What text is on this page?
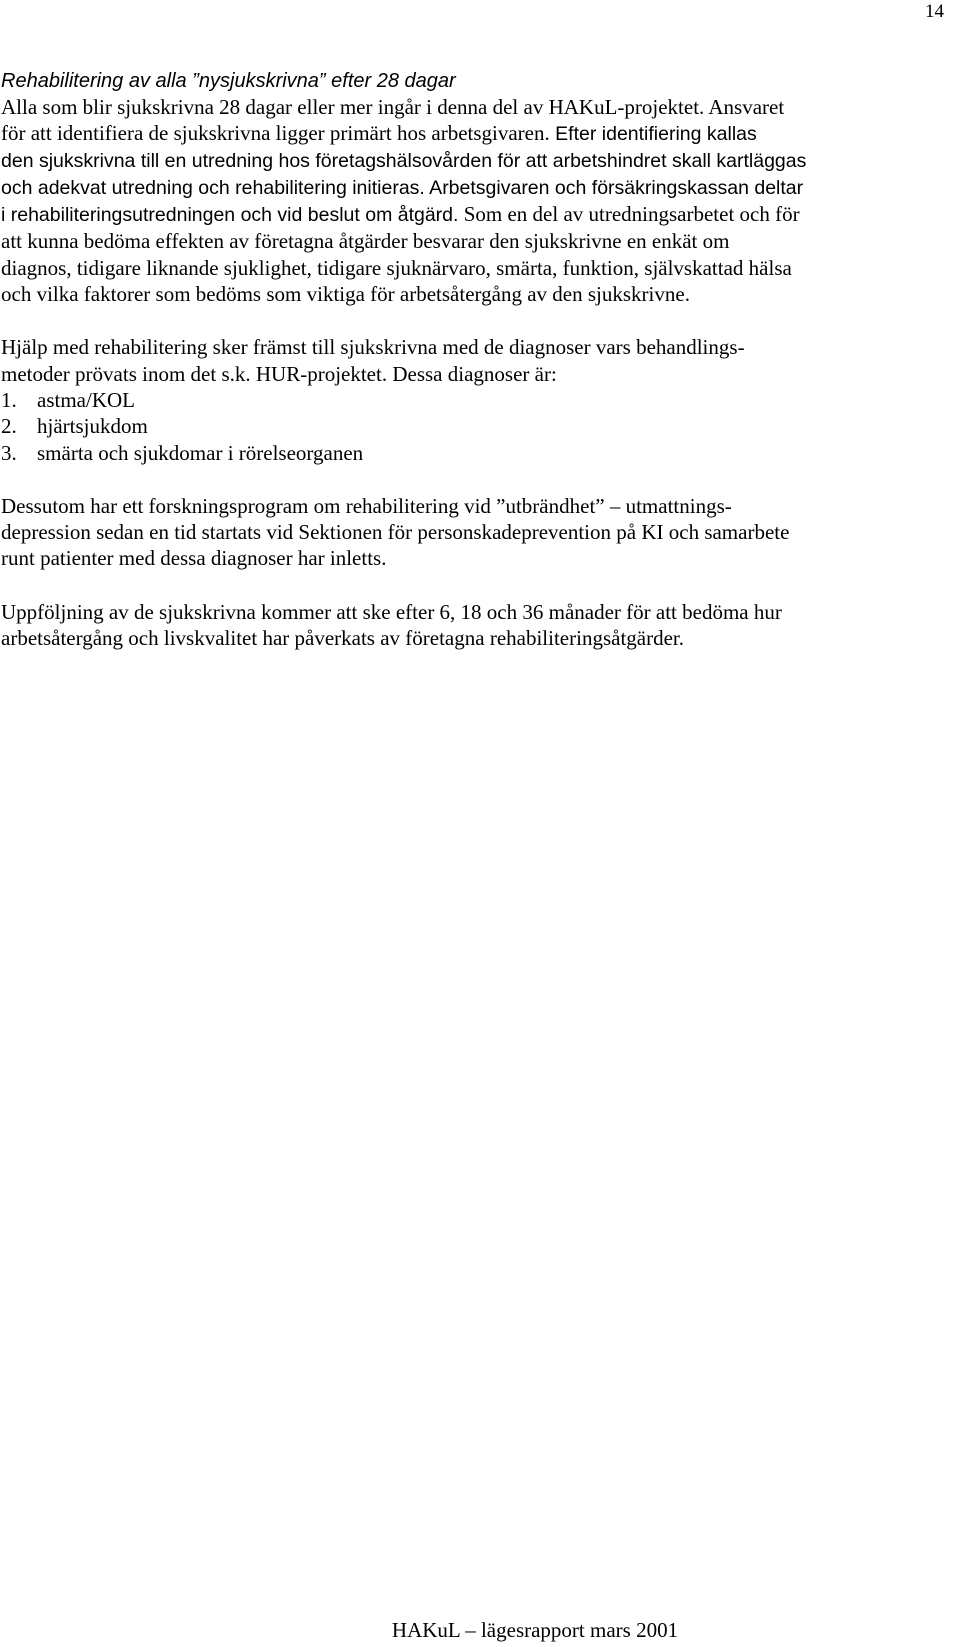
14
Rehabilitering av alla ”nysjukskrivna” efter 28 dagar

Alla som blir sjukskrivna 28 dagar eller mer ingår i denna del av HAKuL-projektet. Ansvaret
för att identifiera de sjukskrivna ligger primärt hos arbetsgivaren. Efter identifiering kallas
den sjukskrivna till en utredning hos företagshälsovården för att arbetshindret skall kartläggas
och adekvat utredning och rehabilitering initieras. Arbetsgivaren och försäkringskassan deltar
i rehabiliteringsutredningen och vid beslut om åtgärd. Som en del av utredningsarbetet och för
att kunna bedöma effekten av företagna åtgärder besvarar den sjukskrivne en enkät om
diagnos, tidigare liknande sjuklighet, tidigare sjuknärvaro, smärta, funktion, självskattad hälsa
och vilka faktorer som bedöms som viktiga för arbetsåtergång av den sjukskrivne.

Hjälp med rehabilitering sker främst till sjukskrivna med de diagnoser vars behandlings-
metoder prövats inom det s.k. HUR-projektet. Dessa diagnoser är:

1. astma/KOL
2. hjärtsjukdom
3. smärta och sjukdomar i rörelseorganen

Dessutom har ett forskningsprogram om rehabilitering vid ”utbrändhet” – utmattnings-
depression sedan en tid startats vid Sektionen för personskadeprevention på KI och samarbete
runt patienter med dessa diagnoser har inletts.

Uppföljning av de sjukskrivna kommer att ske efter 6, 18 och 36 månader för att bedöma hur
arbetsåtergång och livskvalitet har påverkats av företagna rehabiliteringsåtgärder.

HAKuL – lägesrapport mars 2001
